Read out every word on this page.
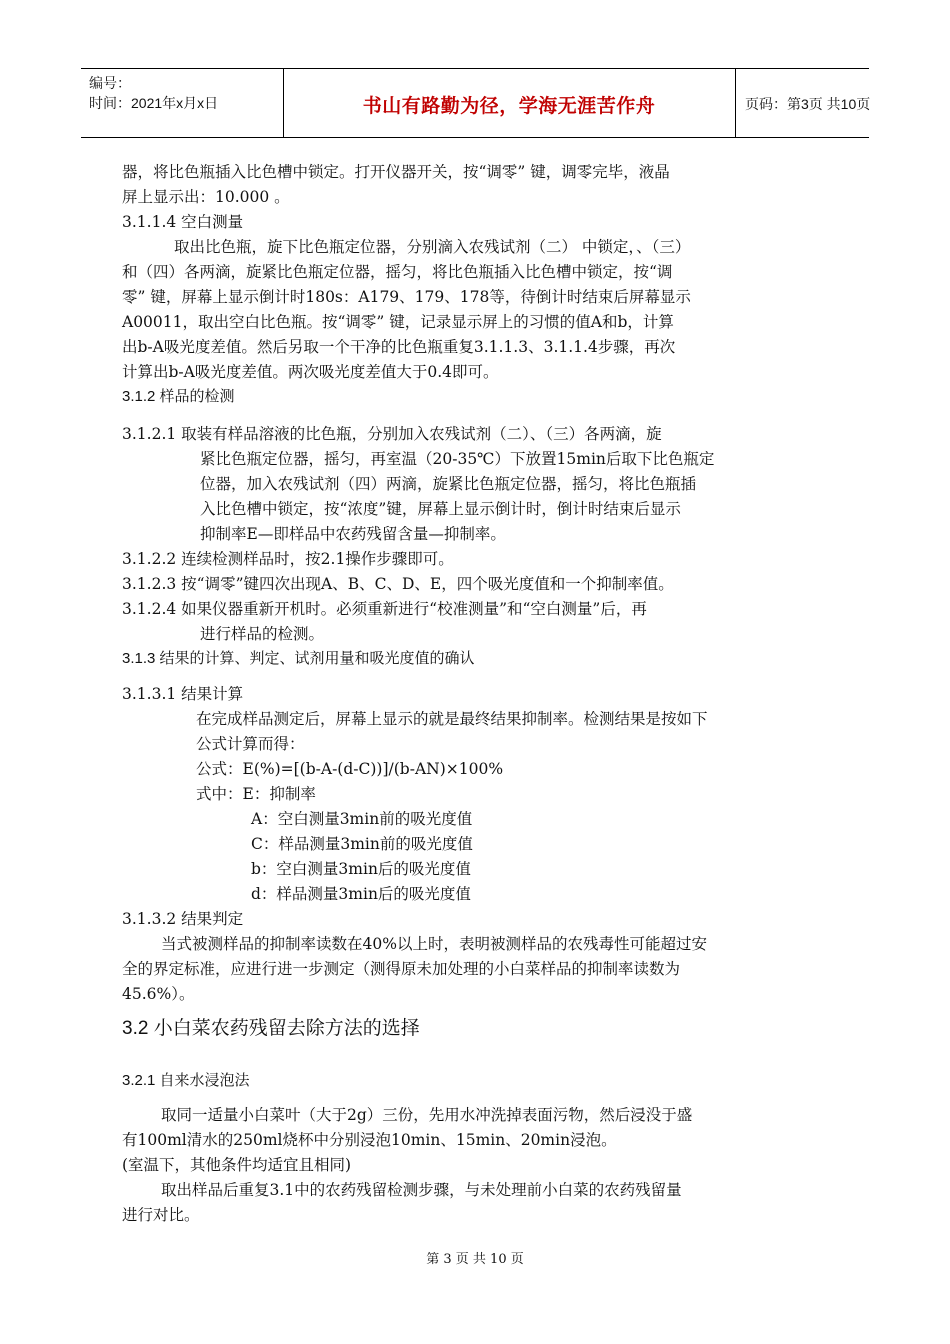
编号：
时间：2021年x月x日	书山有路勤为径，学海无涯苦作舟	页码：第3页 共10页
器，将比色瓶插入比色槽中锁定。打开仪器开关，按“调零” 键，调零完毕，液晶
屏上显示出：10.000 。
3.1.1.4 空白测量
取出比色瓶，旋下比色瓶定位器，分别滴入农残试剂（二） 中锁定，、（三）
和（四）各两滴，旋紧比色瓶定位器，摇匀，将比色瓶插入比色槽中锁定，按“调
零” 键，屏幕上显示倒计时180s：A179、179、178等，待倒计时结束后屏幕显示
A00011，取出空白比色瓶。按“调零” 键，记录显示屏上的习惯的值A和b，计算
出b-A吸光度差值。然后另取一个干净的比色瓶重复3.1.1.3、3.1.1.4步骤，再次
计算出b-A吸光度差值。两次吸光度差值大于0.4即可。
3.1.2 样品的检测
3.1.2.1 取装有样品溶液的比色瓶，分别加入农残试剂（二）、（三）各两滴，旋
紧比色瓶定位器，摇匀，再室温（20-35℃）下放置15min后取下比色瓶定
位器，加入农残试剂（四）两滴，旋紧比色瓶定位器，摇匀，将比色瓶插
入比色槽中锁定，按“浓度”键，屏幕上显示倒计时，倒计时结束后显示
抑制率E—即样品中农药残留含量—抑制率。
3.1.2.2 连续检测样品时，按2.1操作步骤即可。
3.1.2.3 按“调零”键四次出现A、B、C、D、E，四个吸光度值和一个抑制率值。
3.1.2.4 如果仪器重新开机时。必须重新进行“校准测量”和“空白测量”后，再
进行样品的检测。
3.1.3 结果的计算、判定、试剂用量和吸光度值的确认
3.1.3.1 结果计算
在完成样品测定后，屏幕上显示的就是最终结果抑制率。检测结果是按如下
公式计算而得：
公式：E(%)=[(b-A-(d-C))]/(b-AN)×100%
式中：E：抑制率
A：空白测量3min前的吸光度值
C：样品测量3min前的吸光度值
b：空白测量3min后的吸光度值
d：样品测量3min后的吸光度值
3.1.3.2 结果判定
当式被测样品的抑制率读数在40%以上时，表明被测样品的农残毒性可能超过安
全的界定标准，应进行进一步测定（测得原未加处理的小白菜样品的抑制率读数为
45.6%）。
3.2 小白菜农药残留去除方法的选择
3.2.1 自来水浸泡法
取同一适量小白菜叶（大于2g）三份，先用水冲洗掉表面污物，然后浸没于盛
有100ml清水的250ml烧杯中分别浸泡10min、15min、20min浸泡。
(室温下，其他条件均适宜且相同)
取出样品后重复3.1中的农药残留检测步骤，与未处理前小白菜的农药残留量
进行对比。
第 3 页 共 10 页
